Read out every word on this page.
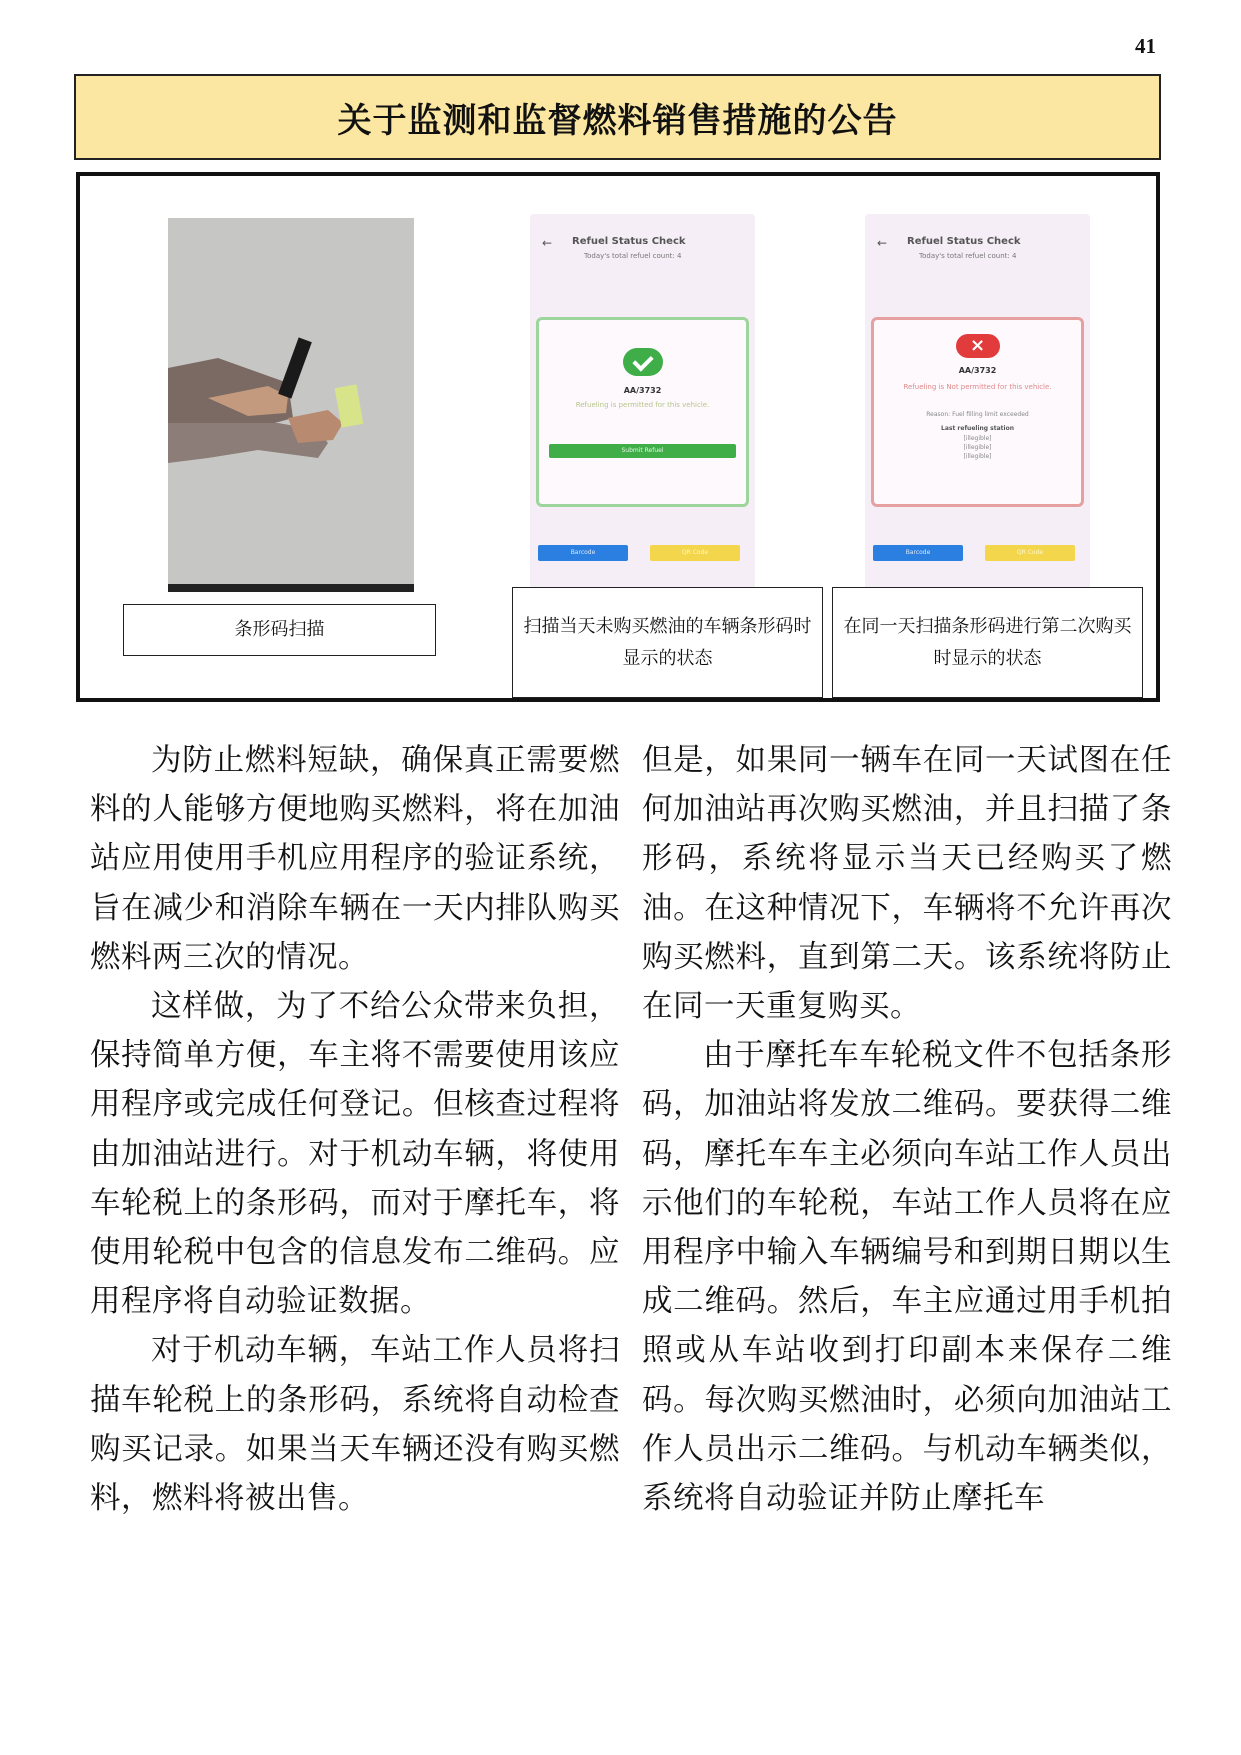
41
关于监测和监督燃料销售措施的公告
← Refuel Status Check
Today's total refuel count: 4
AA/3732
Refueling is permitted for this vehicle.
Submit Refuel
Barcode	QR Code
← Refuel Status Check
Today's total refuel count: 4
×
AA/3732
Refueling is Not permitted for this vehicle.
Reason: Fuel filling limit exceeded
Last refueling station
[illegible]
[illegible]
[illegible]
Barcode	QR Code
条形码扫描	扫描当天未购买燃油的车辆条形码时显示的状态
在同一天扫描条形码进行第二次购买时显示的状态

为防止燃料短缺，确保真正需要燃料的人能够方便地购买燃料，将在加油站应用使用手机应用程序的验证系统，旨在减少和消除车辆在一天内排队购买燃料两三次的情况。

这样做，为了不给公众带来负担，保持简单方便，车主将不需要使用该应用程序或完成任何登记。但核查过程将由加油站进行。对于机动车辆，将使用车轮税上的条形码，而对于摩托车，将使用轮税中包含的信息发布二维码。应用程序将自动验证数据。

对于机动车辆，车站工作人员将扫描车轮税上的条形码，系统将自动检查购买记录。如果当天车辆还没有购买燃料，燃料将被出售。

但是，如果同一辆车在同一天试图在任何加油站再次购买燃油，并且扫描了条形码，系统将显示当天已经购买了燃油。在这种情况下，车辆将不允许再次购买燃料，直到第二天。该系统将防止在同一天重复购买。

由于摩托车车轮税文件不包括条形码，加油站将发放二维码。要获得二维码，摩托车车主必须向车站工作人员出示他们的车轮税，车站工作人员将在应用程序中输入车辆编号和到期日期以生成二维码。然后，车主应通过用手机拍照或从车站收到打印副本来保存二维码。每次购买燃油时，必须向加油站工作人员出示二维码。与机动车辆类似，系统将自动验证并防止摩托车
